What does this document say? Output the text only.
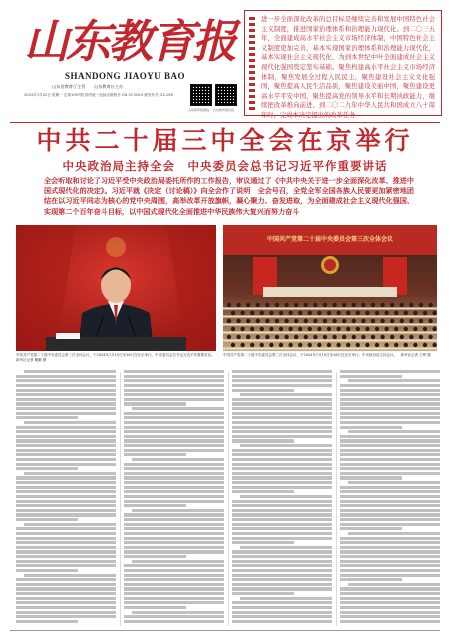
山东教育报
SHANDONG JIAOYU BAO
山东省教育厅主管　　山东教育社主办
2024年7月22日 星期一 总第1097期 国内统一连续出版物号 CN 37-0019 邮发代号 23-156
山东教育报微信 山东教育报抖音
进一步全面深化改革的总目标是继续完善和发展中国特色社会主义制度，推进国家治理体系和治理能力现代化。到二〇三五年，全面建成高水平社会主义市场经济体制，中国特色社会主义制度更加完善，基本实现国家治理体系和治理能力现代化，基本实现社会主义现代化，为到本世纪中叶全面建成社会主义现代化强国奠定坚实基础。聚焦构建高水平社会主义市场经济体制，聚焦发展全过程人民民主，聚焦建设社会主义文化强国，聚焦提高人民生活品质，聚焦建设美丽中国，聚焦建设更高水平平安中国，聚焦提高党的领导水平和长期执政能力，继续把改革推向前进。到二〇二九年中华人民共和国成立八十周年时，完成本决定提出的改革任务
中共二十届三中全会在京举行
中央政治局主持全会　中央委员会总书记习近平作重要讲话
全会听取和讨论了习近平受中央政治局委托所作的工作报告，审议通过了《中共中央关于进一步全面深化改革、推进中国式现代化的决定》。习近平就《决定（讨论稿）》向全会作了说明　全会号召，全党全军全国各族人民要更加紧密地团结在以习近平同志为核心的党中央周围，高举改革开放旗帜，凝心聚力、奋发进取，为全面建成社会主义现代化强国、实现第二个百年奋斗目标，以中国式现代化全面推进中华民族伟大复兴而努力奋斗
中国共产党第二十届中央委员会第三次全体会议
中国共产党第二十届中央委员会第三次全体会议，于2024年7月15日至18日在北京举行。中央委员会总书记习近平作重要讲话。　新华社记者 鞠鹏 摄
中国共产党第二十届中央委员会第三次全体会议，于2024年7月15日至18日在北京举行。中央政治局主持会议。　新华社记者 王晔 摄
